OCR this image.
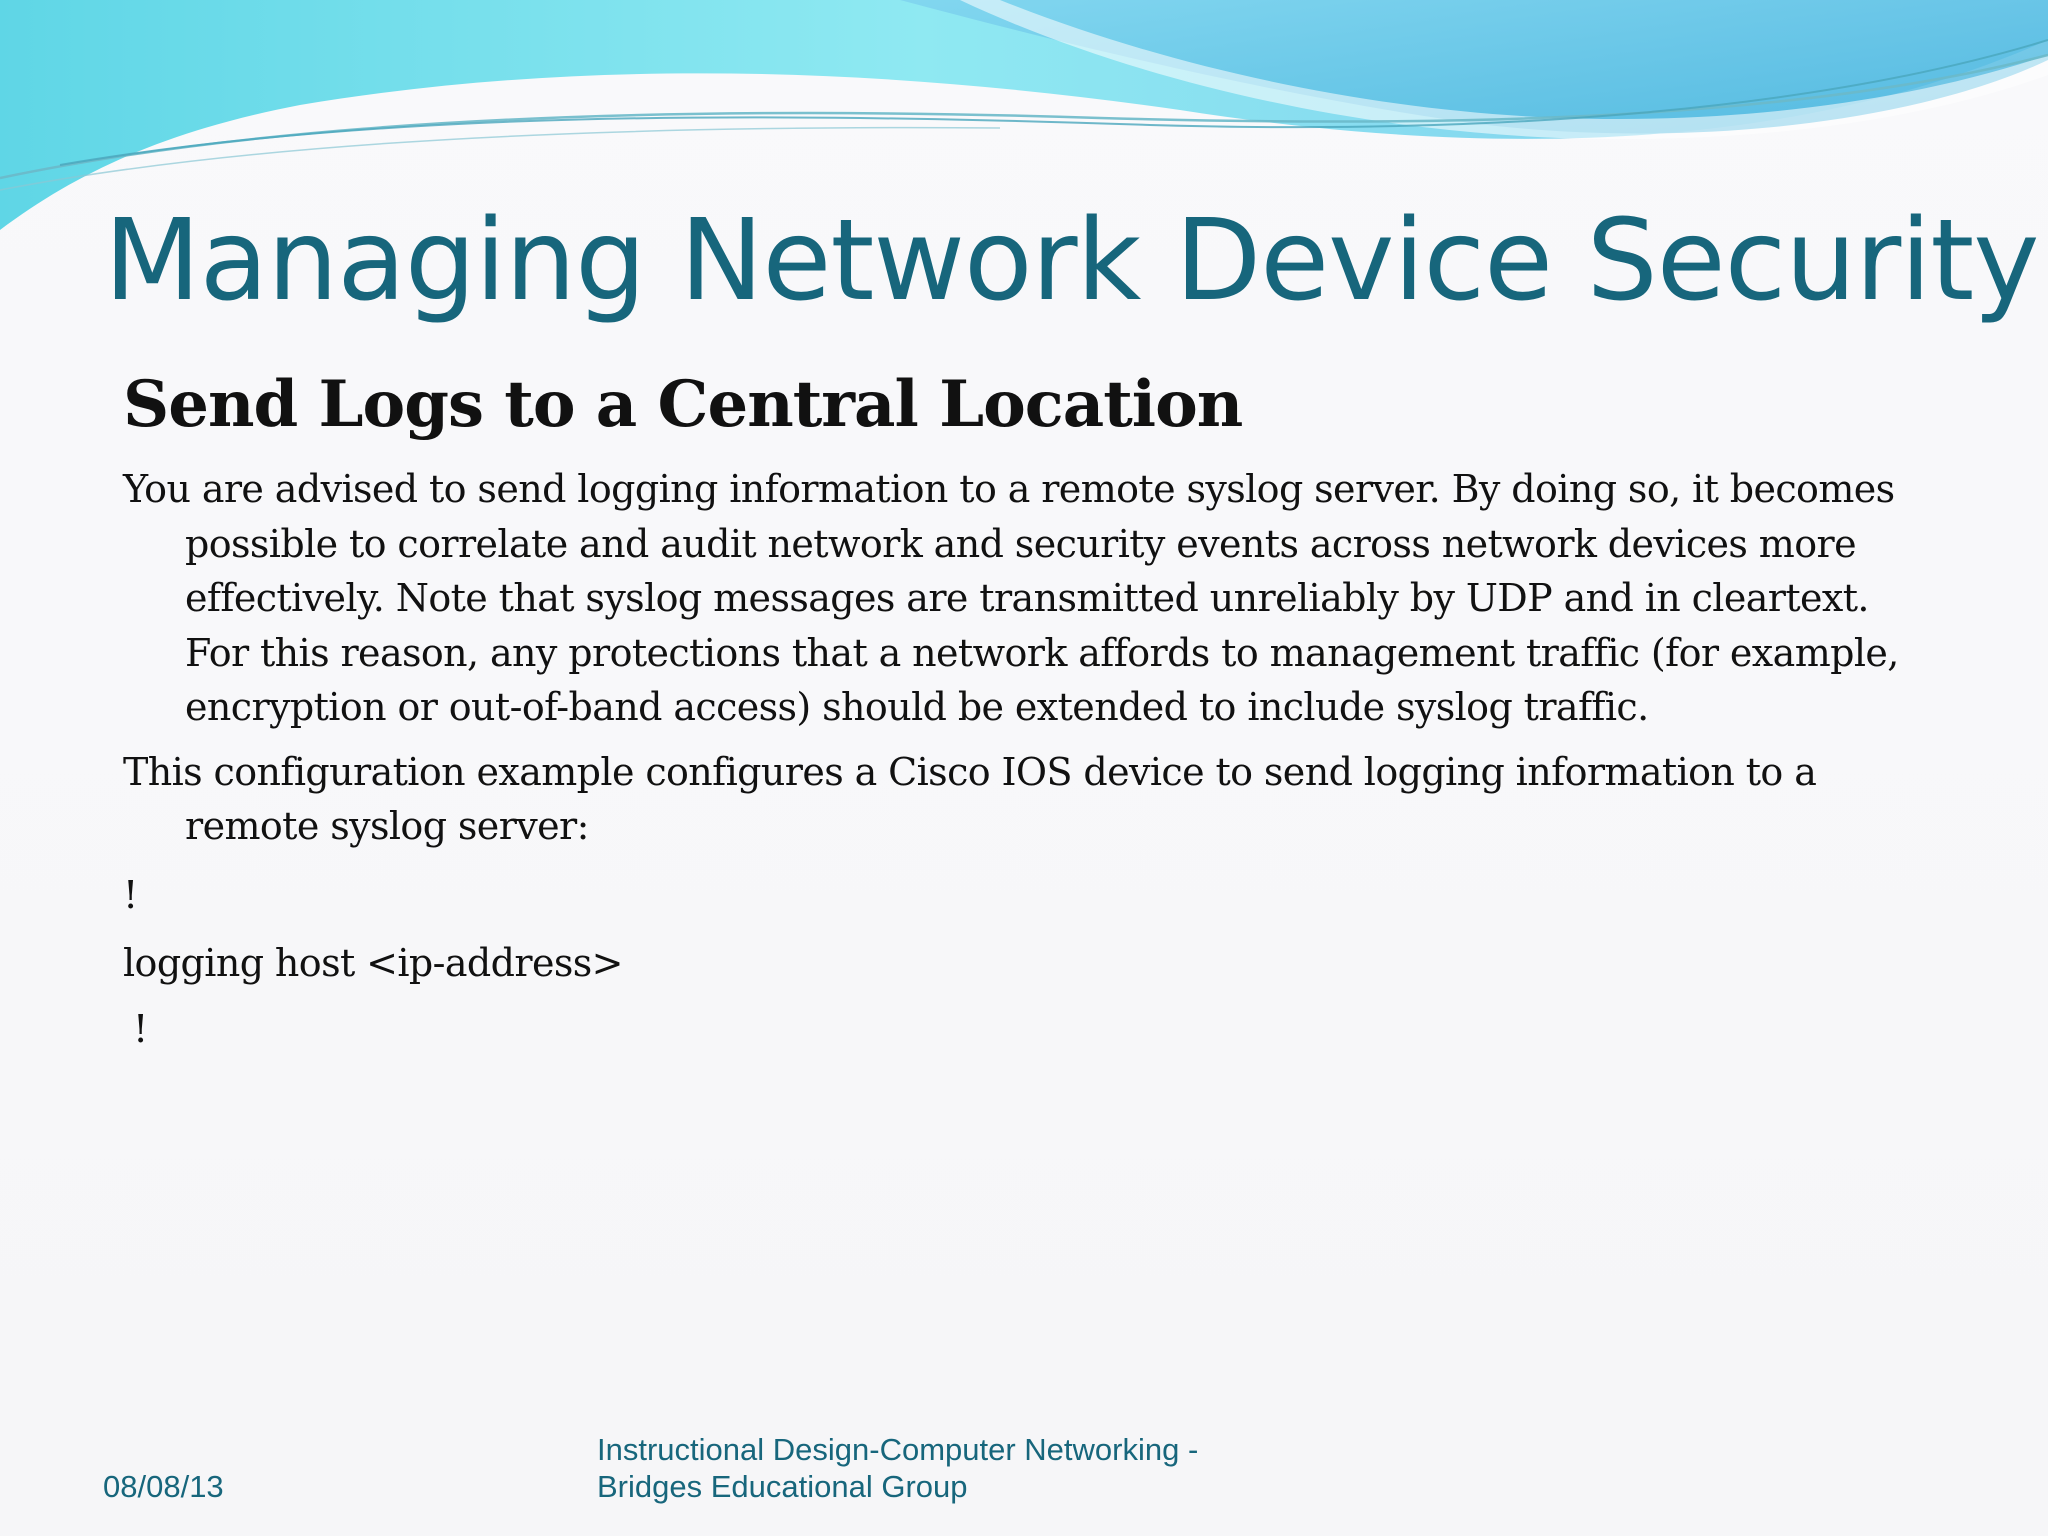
Managing Network Device Security
Send Logs to a Central Location

You are advised to send logging information to a remote syslog server. By doing so, it becomes possible to correlate and audit network and security events across network devices more effectively. Note that syslog messages are transmitted unreliably by UDP and in cleartext. For this reason, any protections that a network affords to management traffic (for example, encryption or out-of-band access) should be extended to include syslog traffic.

This configuration example configures a Cisco IOS device to send logging information to a remote syslog server:

!

logging host <ip-address>

!

08/08/13
Instructional Design-Computer Networking -
Bridges Educational Group
